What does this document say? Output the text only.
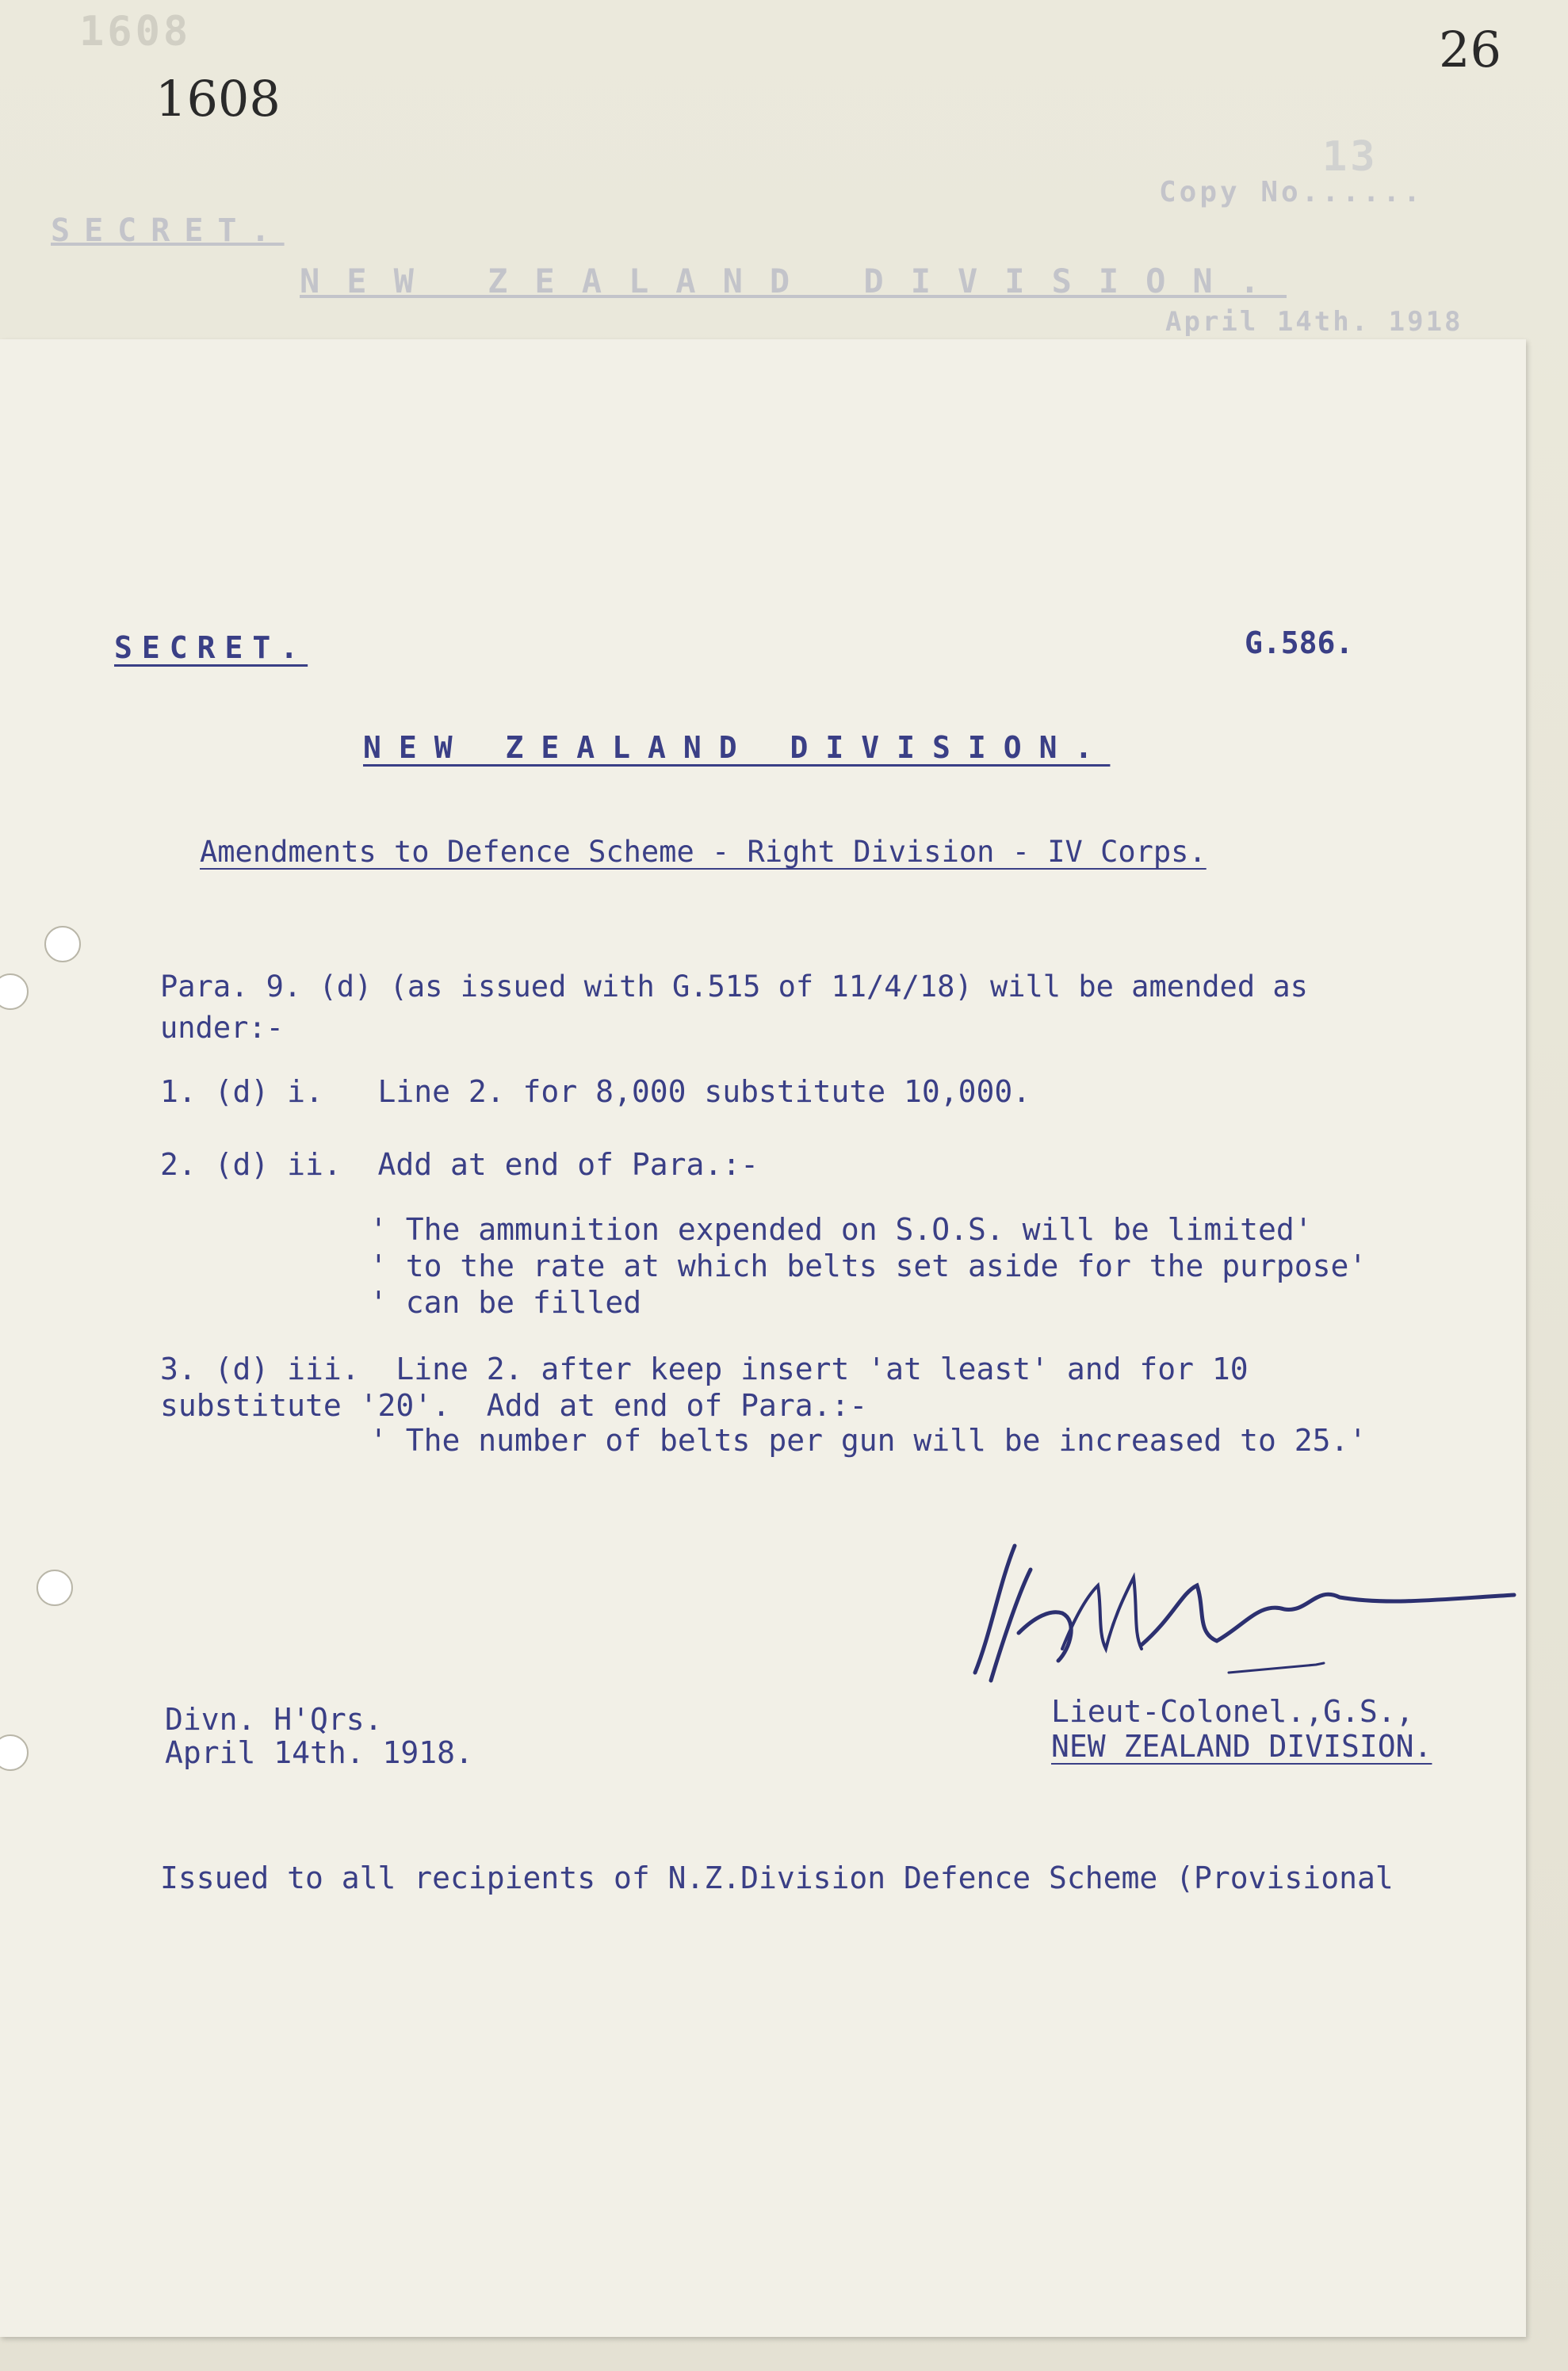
1608
1608
26
Copy No......
13
SECRET.
NEW ZEALAND DIVISION.
April 14th. 1918
SECRET.	G.586.
NEW ZEALAND DIVISION.
Amendments to Defence Scheme - Right Division - IV Corps.
Para. 9. (d) (as issued with G.515 of 11/4/18) will be amended as
under:-
1. (d) i.   Line 2. for 8,000 substitute 10,000.
2. (d) ii.  Add at end of Para.:-
' The ammunition expended on S.O.S. will be limited'
' to the rate at which belts set aside for the purpose'
' can be filled
3. (d) iii.  Line 2. after keep insert 'at least' and for 10
substitute '20'.  Add at end of Para.:-
' The number of belts per gun will be increased to 25.'
Divn. H'Qrs.
April 14th. 1918.
Lieut-Colonel.,G.S.,
NEW ZEALAND DIVISION.
Issued to all recipients of N.Z.Division Defence Scheme (Provisional
